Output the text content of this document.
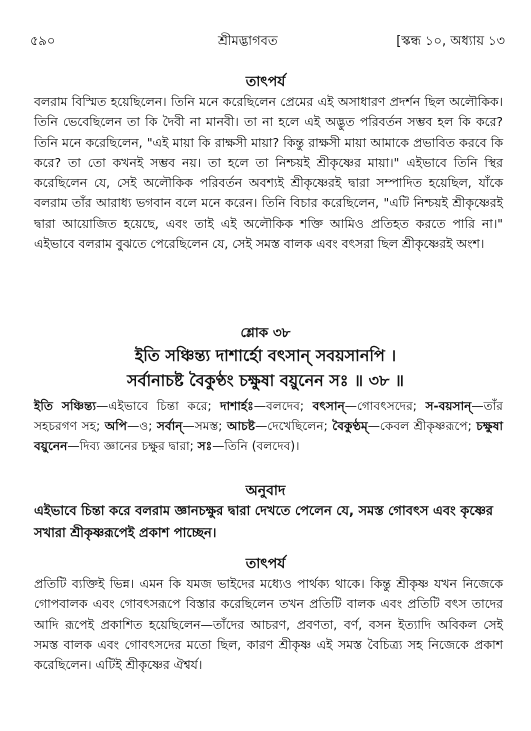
৫৯০	শ্রীমদ্ভাগবত	[স্কন্ধ ১০, অধ্যায় ১৩
তাৎপর্য

বলরাম বিস্মিত হয়েছিলেন। তিনি মনে করেছিলেন প্রেমের এই অসাধারণ প্রদর্শন ছিল অলৌকিক। তিনি ভেবেছিলেন তা কি দৈবী না মানবী। তা না হলে এই অদ্ভুত পরিবর্তন সম্ভব হল কি করে? তিনি মনে করেছিলেন, "এই মায়া কি রাক্ষসী মায়া? কিন্তু রাক্ষসী মায়া আমাকে প্রভাবিত করবে কি করে? তা তো কখনই সম্ভব নয়। তা হলে তা নিশ্চয়ই শ্রীকৃষ্ণের মায়া।" এইভাবে তিনি স্থির করেছিলেন যে, সেই অলৌকিক পরিবর্তন অবশ্যই শ্রীকৃষ্ণেরই দ্বারা সম্পাদিত হয়েছিল, যাঁকে বলরাম তাঁর আরাধ্য ভগবান বলে মনে করেন। তিনি বিচার করেছিলেন, "এটি নিশ্চয়ই শ্রীকৃষ্ণেরই দ্বারা আয়োজিত হয়েছে, এবং তাই এই অলৌকিক শক্তি আমিও প্রতিহত করতে পারি না।" এইভাবে বলরাম বুঝতে পেরেছিলেন যে, সেই সমস্ত বালক এবং বৎসরা ছিল শ্রীকৃষ্ণেরই অংশ।

শ্লোক ৩৮
ইতি সঞ্চিন্ত্য দাশার্হো বৎসান্ সবয়সানপি ।
সর্বানাচষ্ট বৈকুণ্ঠং চক্ষুষা বয়ুনেন সঃ ॥ ৩৮ ॥

ইতি সঞ্চিন্ত্য—এইভাবে চিন্তা করে; দাশার্হঃ—বলদেব; বৎসান্—গোবৎসদের; স-বয়সান্—তাঁর সহচরগণ সহ; অপি—ও; সর্বান্—সমস্ত; আচষ্ট—দেখেছিলেন; বৈকুণ্ঠম্—কেবল শ্রীকৃষ্ণরূপে; চক্ষুষা বয়ুনেন—দিব্য জ্ঞানের চক্ষুর দ্বারা; সঃ—তিনি (বলদেব)।

অনুবাদ

এইভাবে চিন্তা করে বলরাম জ্ঞানচক্ষুর দ্বারা দেখতে পেলেন যে, সমস্ত গোবৎস এবং কৃষ্ণের সখারা শ্রীকৃষ্ণরূপেই প্রকাশ পাচ্ছেন।

তাৎপর্য

প্রতিটি ব্যক্তিই ভিন্ন। এমন কি যমজ ভাইদের মধ্যেও পার্থক্য থাকে। কিন্তু শ্রীকৃষ্ণ যখন নিজেকে গোপবালক এবং গোবৎসরূপে বিস্তার করেছিলেন তখন প্রতিটি বালক এবং প্রতিটি বৎস তাদের আদি রূপেই প্রকাশিত হয়েছিলেন—তাঁদের আচরণ, প্রবণতা, বর্ণ, বসন ইত্যাদি অবিকল সেই সমস্ত বালক এবং গোবৎসদের মতো ছিল, কারণ শ্রীকৃষ্ণ এই সমস্ত বৈচিত্র্য সহ নিজেকে প্রকাশ করেছিলেন। এটিই শ্রীকৃষ্ণের ঐশ্বর্য।
